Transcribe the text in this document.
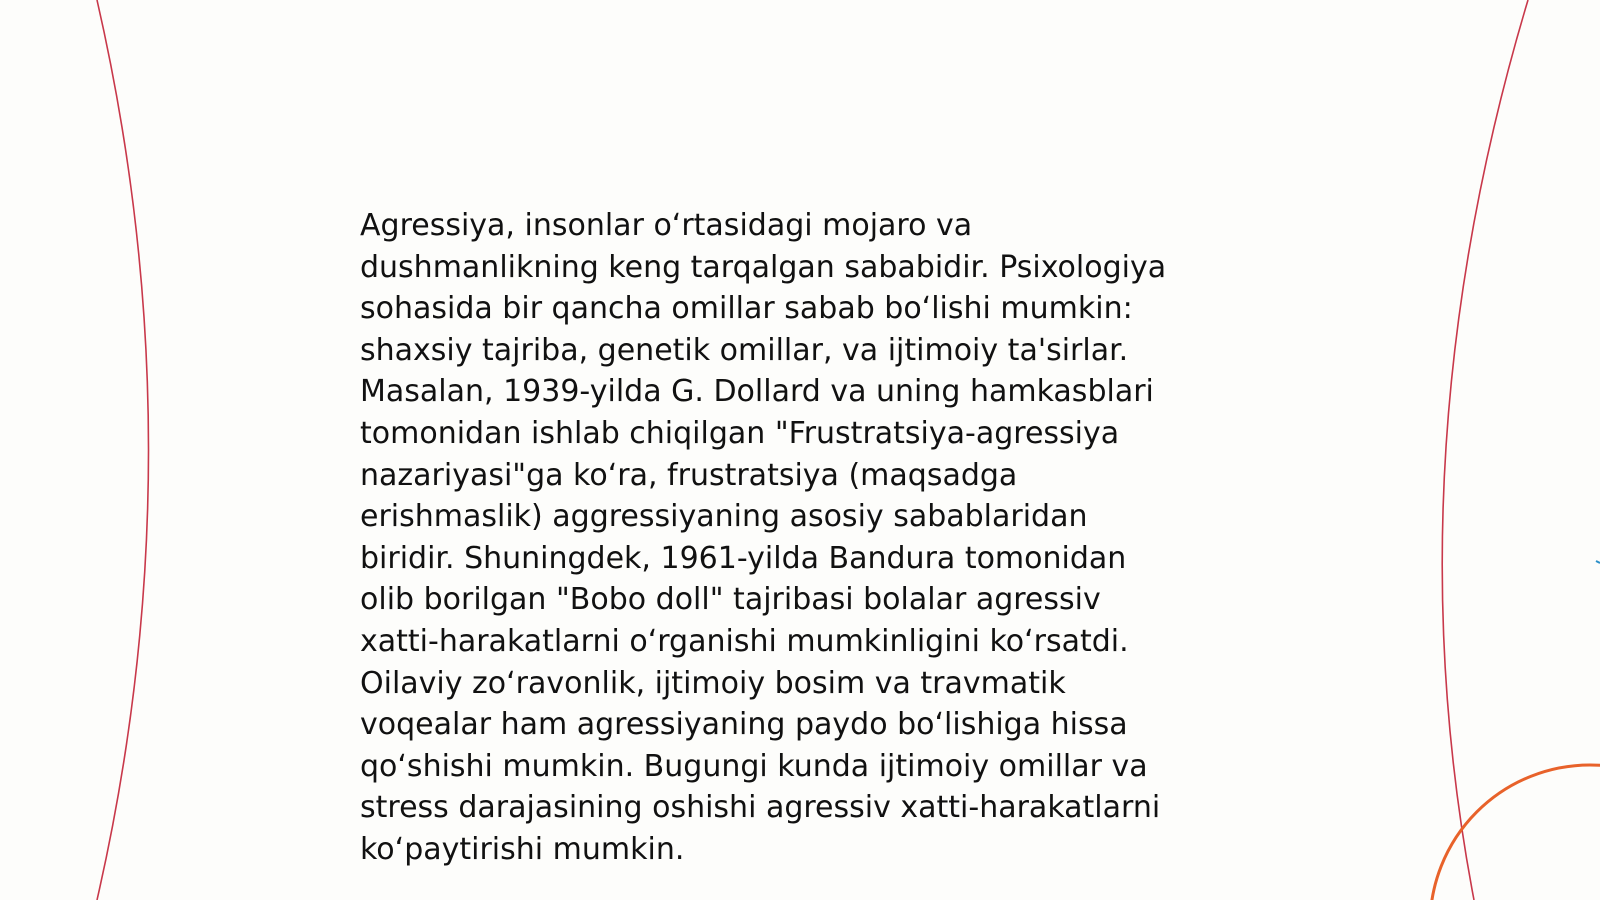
Agressiya, insonlar o‘rtasidagi mojaro va
dushmanlikning keng tarqalgan sababidir. Psixologiya
sohasida bir qancha omillar sabab bo‘lishi mumkin:
shaxsiy tajriba, genetik omillar, va ijtimoiy ta'sirlar.
Masalan, 1939-yilda G. Dollard va uning hamkasblari
tomonidan ishlab chiqilgan "Frustratsiya-agressiya
nazariyasi"ga ko‘ra, frustratsiya (maqsadga
erishmaslik) aggressiyaning asosiy sabablaridan
biridir. Shuningdek, 1961-yilda Bandura tomonidan
olib borilgan "Bobo doll" tajribasi bolalar agressiv
xatti-harakatlarni o‘rganishi mumkinligini ko‘rsatdi.
Oilaviy zo‘ravonlik, ijtimoiy bosim va travmatik
voqealar ham agressiyaning paydo bo‘lishiga hissa
qo‘shishi mumkin. Bugungi kunda ijtimoiy omillar va
stress darajasining oshishi agressiv xatti-harakatlarni
ko‘paytirishi mumkin.
